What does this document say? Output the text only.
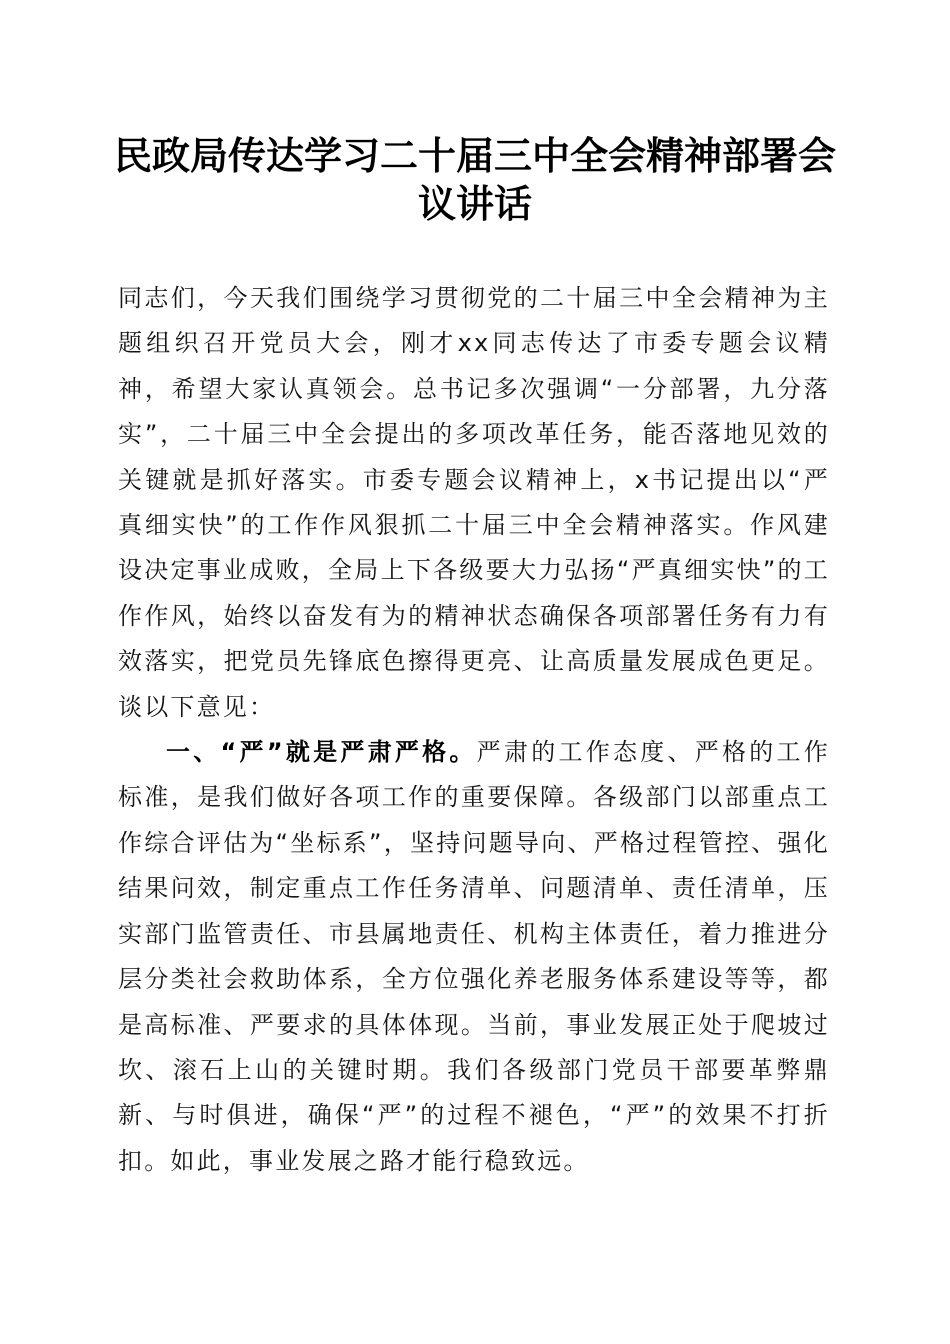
民政局传达学习二十届三中全会精神部署会议讲话

同志们，今天我们围绕学习贯彻党的二十届三中全会精神为主题组织召开党员大会，刚才xx同志传达了市委专题会议精神，希望大家认真领会。总书记多次强调“一分部署，九分落实”，二十届三中全会提出的多项改革任务，能否落地见效的关键就是抓好落实。市委专题会议精神上，x书记提出以“严真细实快”的工作作风狠抓二十届三中全会精神落实。作风建设决定事业成败，全局上下各级要大力弘扬“严真细实快”的工作作风，始终以奋发有为的精神状态确保各项部署任务有力有效落实，把党员先锋底色擦得更亮、让高质量发展成色更足。谈以下意见：

一、“严”就是严肃严格。严肃的工作态度、严格的工作标准，是我们做好各项工作的重要保障。各级部门以部重点工作综合评估为“坐标系”，坚持问题导向、严格过程管控、强化结果问效，制定重点工作任务清单、问题清单、责任清单，压实部门监管责任、市县属地责任、机构主体责任，着力推进分层分类社会救助体系，全方位强化养老服务体系建设等等，都是高标准、严要求的具体体现。当前，事业发展正处于爬坡过坎、滚石上山的关键时期。我们各级部门党员干部要革弊鼎新、与时俱进，确保“严”的过程不褪色，“严”的效果不打折扣。如此，事业发展之路才能行稳致远。
